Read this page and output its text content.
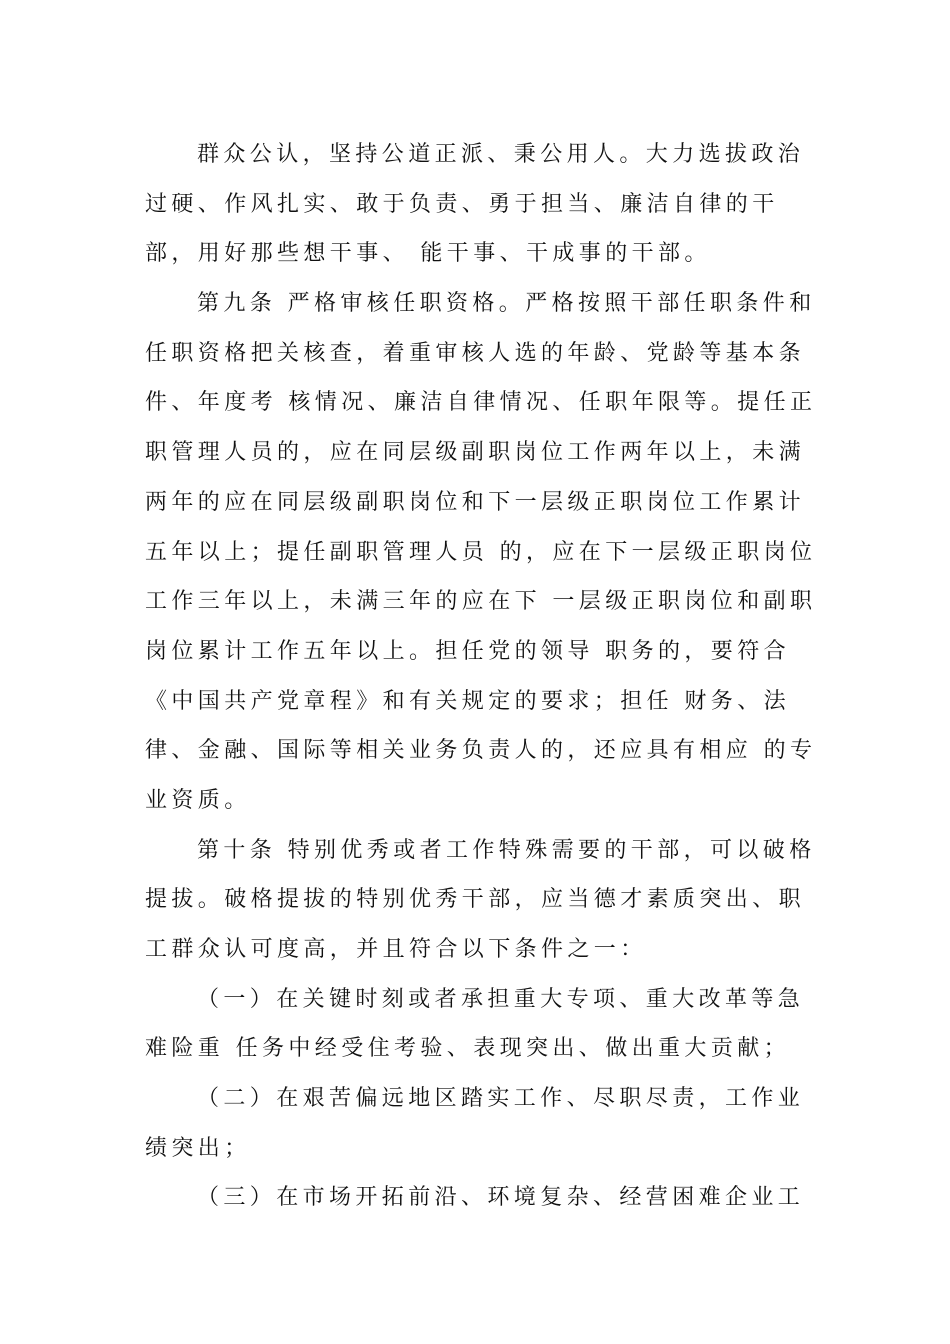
群众公认，坚持公道正派、秉公用人。大力选拔政治
过硬、作风扎实、敢于负责、勇于担当、廉洁自律的干
部，用好那些想干事、 能干事、干成事的干部。
第九条 严格审核任职资格。严格按照干部任职条件和
任职资格把关核查，着重审核人选的年龄、党龄等基本条
件、年度考 核情况、廉洁自律情况、任职年限等。提任正
职管理人员的，应在同层级副职岗位工作两年以上，未满
两年的应在同层级副职岗位和下一层级正职岗位工作累计
五年以上；提任副职管理人员 的，应在下一层级正职岗位
工作三年以上，未满三年的应在下 一层级正职岗位和副职
岗位累计工作五年以上。担任党的领导 职务的，要符合
《中国共产党章程》和有关规定的要求；担任 财务、法
律、金融、国际等相关业务负责人的，还应具有相应 的专
业资质。
第十条 特别优秀或者工作特殊需要的干部，可以破格
提拔。破格提拔的特别优秀干部，应当德才素质突出、职
工群众认可度高，并且符合以下条件之一：
（一）在关键时刻或者承担重大专项、重大改革等急
难险重 任务中经受住考验、表现突出、做出重大贡献；
（二）在艰苦偏远地区踏实工作、尽职尽责，工作业
绩突出；
（三）在市场开拓前沿、环境复杂、经营困难企业工
